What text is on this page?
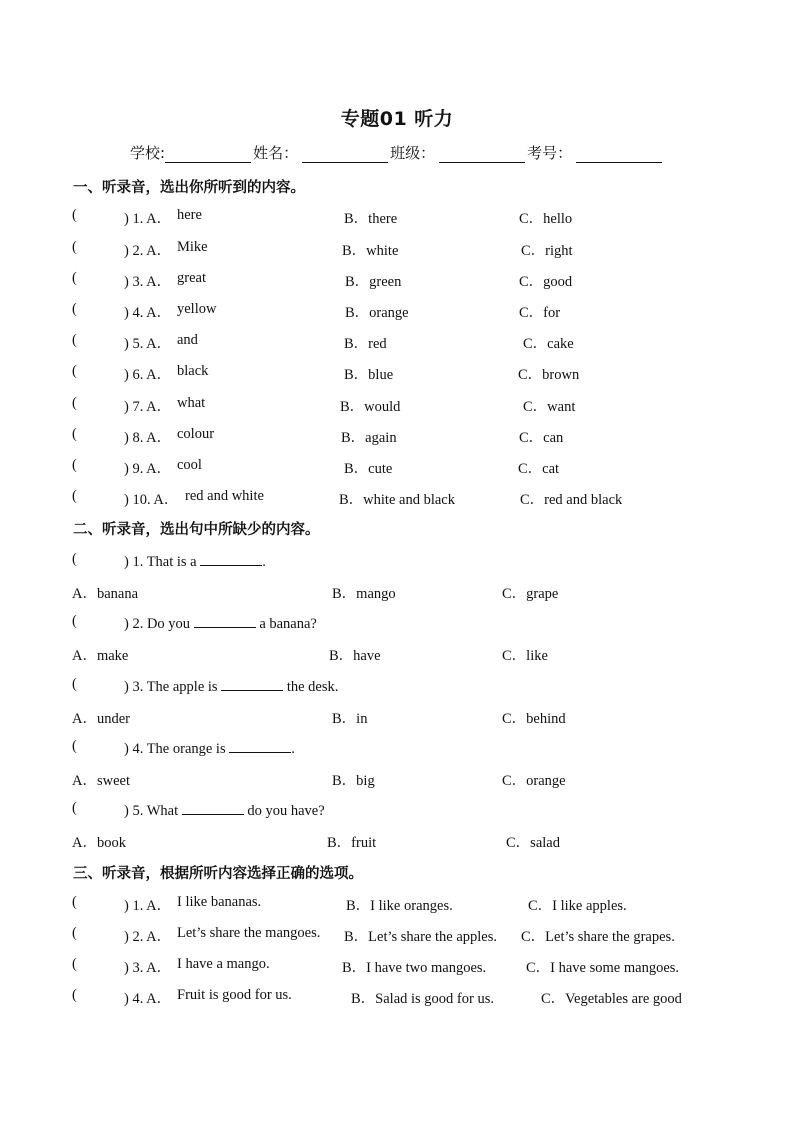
专题01 听力
学校:	姓名：	班级：	考号：
一、听录音，选出你所听到的内容。
(	) 1. A． here	B．there	C．hello
(	) 2. A． Mike	B．white	C．right
(	) 3. A． great	B．green	C．good
(	) 4. A． yellow	B．orange	C．for
(	) 5. A． and	B．red	C．cake
(	) 6. A． black	B．blue	C．brown
(	) 7. A． what	B．would	C．want
(	) 8. A． colour	B．again	C．can
(	) 9. A． cool	B．cute	C．cat
(	) 10. A． red and white	B．white and black	C．red and black
二、听录音，选出句中所缺少的内容。
(	) 1. That is a	.
A．banana	B．mango	C．grape
(	) 2. Do you	a banana?
A．make	B．have	C．like
(	) 3. The apple is	the desk.
A．under	B．in	C．behind
(	) 4. The orange is	.
A．sweet	B．big	C．orange
(	) 5. What	do you have?
A．book	B．fruit	C．salad
三、听录音，根据所听内容选择正确的选项。
(	) 1. A． I like bananas.	B．I like oranges.	C．I like apples.
(	) 2. A． Let’s share the mangoes. B．Let’s share the apples. C．Let’s share the grapes.
(	) 3. A． I have a mango.	B．I have two mangoes.	C．I have some mangoes.
(	) 4. A． Fruit is good for us.	B．Salad is good for us.	C．Vegetables are good
